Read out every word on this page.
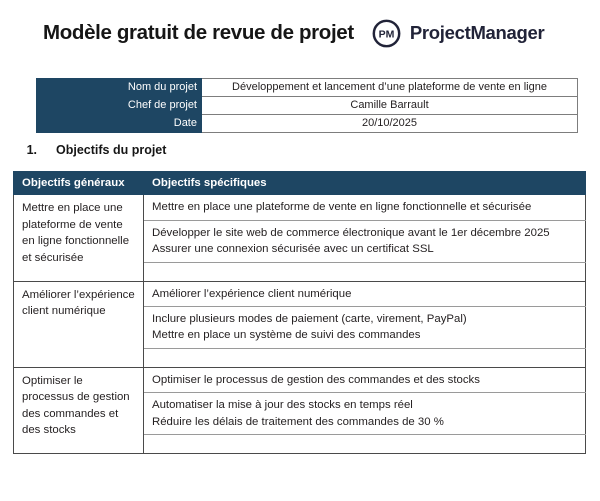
Modèle gratuit de revue de projet PM ProjectManager
Nom du projet	Développement et lancement d’une plateforme de vente en ligne
Chef de projet	Camille Barrault
Date	20/10/2025
1. Objectifs du projet
Objectifs généraux	Objectifs spécifiques
Mettre en place une plateforme de vente en ligne fonctionnelle et sécurisée	Mettre en place une plateforme de vente en ligne fonctionnelle et sécurisée

	Développer le site web de commerce électronique avant le 1er décembre 2025
Assurer une connexion sécurisée avec un certificat SSL

Améliorer l’expérience client numérique	Améliorer l’expérience client numérique

	Inclure plusieurs modes de paiement (carte, virement, PayPal)
Mettre en place un système de suivi des commandes

Optimiser le processus de gestion des commandes et des stocks	Optimiser le processus de gestion des commandes et des stocks

	Automatiser la mise à jour des stocks en temps réel
Réduire les délais de traitement des commandes de 30 %
